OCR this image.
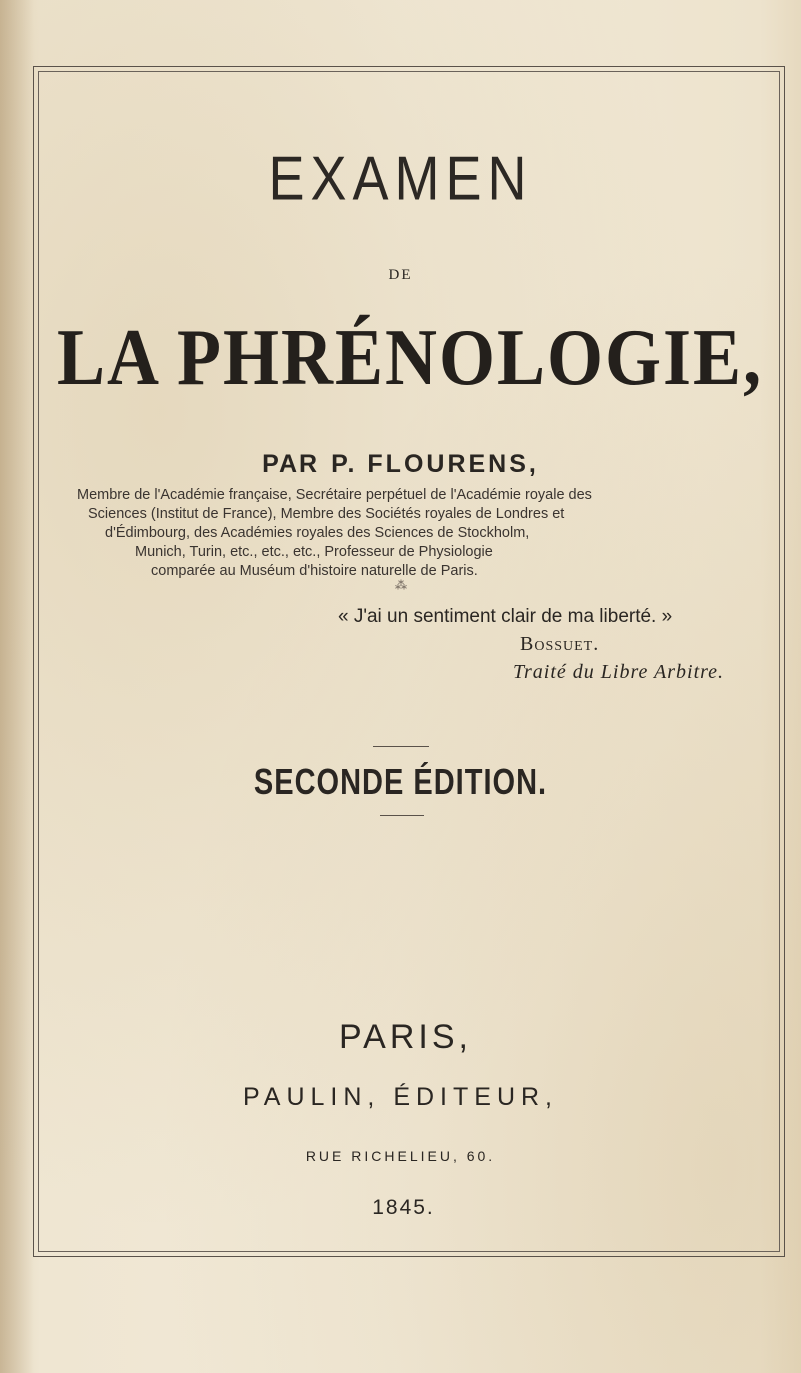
EXAMEN
DE
LA PHRÉNOLOGIE,
PAR P. FLOURENS,
Membre de l'Académie française, Secrétaire perpétuel de l'Académie royale des
Sciences (Institut de France), Membre des Sociétés royales de Londres et
d'Édimbourg, des Académies royales des Sciences de Stockholm,
Munich, Turin, etc., etc., etc., Professeur de Physiologie
comparée au Muséum d'histoire naturelle de Paris.
⁂
« J'ai un sentiment clair de ma liberté. »
Bossuet.
Traité du Libre Arbitre.
SECONDE ÉDITION.
PARIS,
PAULIN, ÉDITEUR,
RUE RICHELIEU, 60.
1845.
